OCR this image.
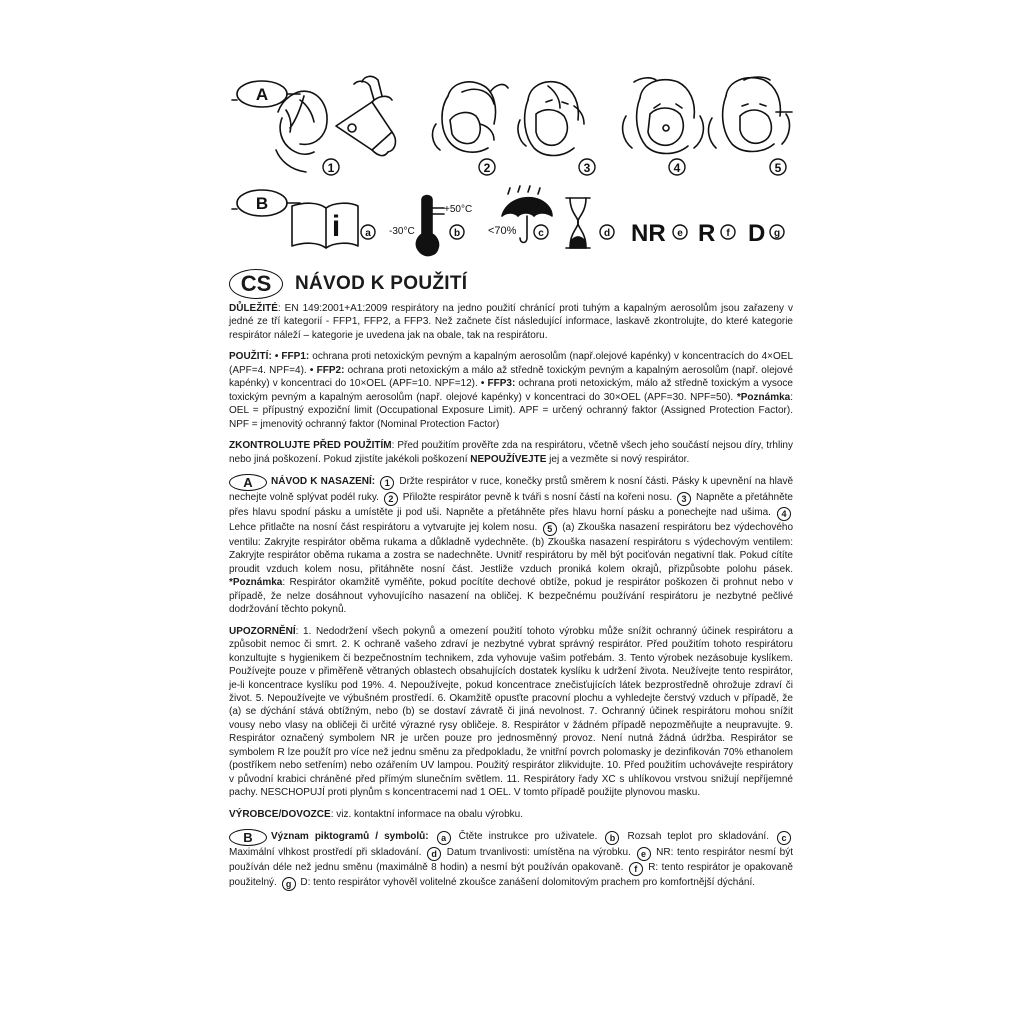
A
B
1	2	3	4	5
a	b	c	d	e	f	g
i	-30°C
+50°C
<70%	NR R D
CS	NÁVOD K POUŽITÍ

DŮLEŽITÉ: EN 149:2001+A1:2009 respirátory na jedno použití chránící proti tuhým a kapalným aerosolům jsou zařazeny v jedné ze tří kategorií - FFP1, FFP2, a FFP3. Než začnete číst následující informace, laskavě zkontrolujte, do které kategorie respirátor náleží – kategorie je uvedena jak na obale, tak na respirátoru.

POUŽITÍ: • FFP1: ochrana proti netoxickým pevným a kapalným aerosolům (např.olejové kapénky) v koncentracích do 4×OEL (APF=4. NPF=4). • FFP2: ochrana proti netoxickým a málo až středně toxickým pevným a kapalným aerosolům (např. olejové kapénky) v koncentraci do 10×OEL (APF=10. NPF=12). • FFP3: ochrana proti netoxickým, málo až středně toxickým a vysoce toxickým pevným a kapalným aerosolům (např. olejové kapénky) v koncentraci do 30×OEL (APF=30. NPF=50). *Poznámka: OEL = přípustný expoziční limit (Occupational Exposure Limit). APF = určený ochranný faktor (Assigned Protection Factor). NPF = jmenovitý ochranný faktor (Nominal Protection Factor)

ZKONTROLUJTE PŘED POUŽITÍM: Před použitím prověřte zda na respirátoru, včetně všech jeho součástí nejsou díry, trhliny nebo jiná poškození. Pokud zjistíte jakékoli poškození NEPOUŽÍVEJTE jej a vezměte si nový respirátor.

A NÁVOD K NASAZENÍ: 1 Držte respirátor v ruce, konečky prstů směrem k nosní části. Pásky k upevnění na hlavě nechejte volně splývat podél ruky. 2 Přiložte respirátor pevně k tváři s nosní částí na kořeni nosu. 3 Napněte a přetáhněte přes hlavu spodní pásku a umístěte ji pod uši. Napněte a přetáhněte přes hlavu horní pásku a ponechejte nad ušima. 4 Lehce přitlačte na nosní část respirátoru a vytvarujte jej kolem nosu. 5 (a) Zkouška nasazení respirátoru bez výdechového ventilu: Zakryjte respirátor oběma rukama a důkladně vydechněte. (b) Zkouška nasazení respirátoru s výdechovým ventilem: Zakryjte respirátor oběma rukama a zostra se nadechněte. Uvnitř respirátoru by měl být pociťován negativní tlak. Pokud cítíte proudit vzduch kolem nosu, přitáhněte nosní část. Jestliže vzduch proniká kolem okrajů, přizpůsobte polohu pásek. *Poznámka: Respirátor okamžitě vyměňte, pokud pocítíte dechové obtíže, pokud je respirátor poškozen či prohnut nebo v případě, že nelze dosáhnout vyhovujícího nasazení na obličej. K bezpečnému používání respirátoru je nezbytné pečlivé dodržování těchto pokynů.

UPOZORNĚNÍ: 1. Nedodržení všech pokynů a omezení použití tohoto výrobku může snížit ochranný účinek respirátoru a způsobit nemoc či smrt. 2. K ochraně vašeho zdraví je nezbytné vybrat správný respirátor. Před použitím tohoto respirátoru konzultujte s hygienikem či bezpečnostním technikem, zda vyhovuje vašim potřebám. 3. Tento výrobek nezásobuje kyslíkem. Používejte pouze v přiměřeně větraných oblastech obsahujících dostatek kyslíku k udržení života. Neužívejte tento respirátor, je-li koncentrace kyslíku pod 19%. 4. Nepoužívejte, pokud koncentrace znečisťujících látek bezprostředně ohrožuje zdraví či život. 5. Nepoužívejte ve výbušném prostředí. 6. Okamžitě opusťte pracovní plochu a vyhledejte čerstvý vzduch v případě, že (a) se dýchání stává obtížným, nebo (b) se dostaví závratě či jiná nevolnost. 7. Ochranný účinek respirátoru mohou snížit vousy nebo vlasy na obličeji či určité výrazné rysy obličeje. 8. Respirátor v žádném případě nepozměňujte a neupravujte. 9. Respirátor označený symbolem NR je určen pouze pro jednosměnný provoz. Není nutná žádná údržba. Respirátor se symbolem R lze použít pro více než jednu směnu za předpokladu, že vnitřní povrch polomasky je dezinfikován 70% ethanolem (postříkem nebo setřením) nebo ozářením UV lampou. Použitý respirátor zlikvidujte. 10. Před použitím uchovávejte respirátory v původní krabici chráněné před přímým slunečním světlem. 11. Respirátory řady XC s uhlíkovou vrstvou snižují nepříjemné pachy. NESCHOPUJÍ proti plynům s koncentracemi nad 1 OEL. V tomto případě použijte plynovou masku.

VÝROBCE/DOVOZCE: viz. kontaktní informace na obalu výrobku.

B Význam piktogramů / symbolů: a Čtěte instrukce pro uživatele. b Rozsah teplot pro skladování. c Maximální vlhkost prostředí při skladování. d Datum trvanlivosti: umístěna na výrobku. e NR: tento respirátor nesmí být používán déle než jednu směnu (maximálně 8 hodin) a nesmí být používán opakovaně. f R: tento respirátor je opakovaně použitelný. g D: tento respirátor vyhověl volitelné zkoušce zanášení dolomitovým prachem pro komfortnější dýchání.
